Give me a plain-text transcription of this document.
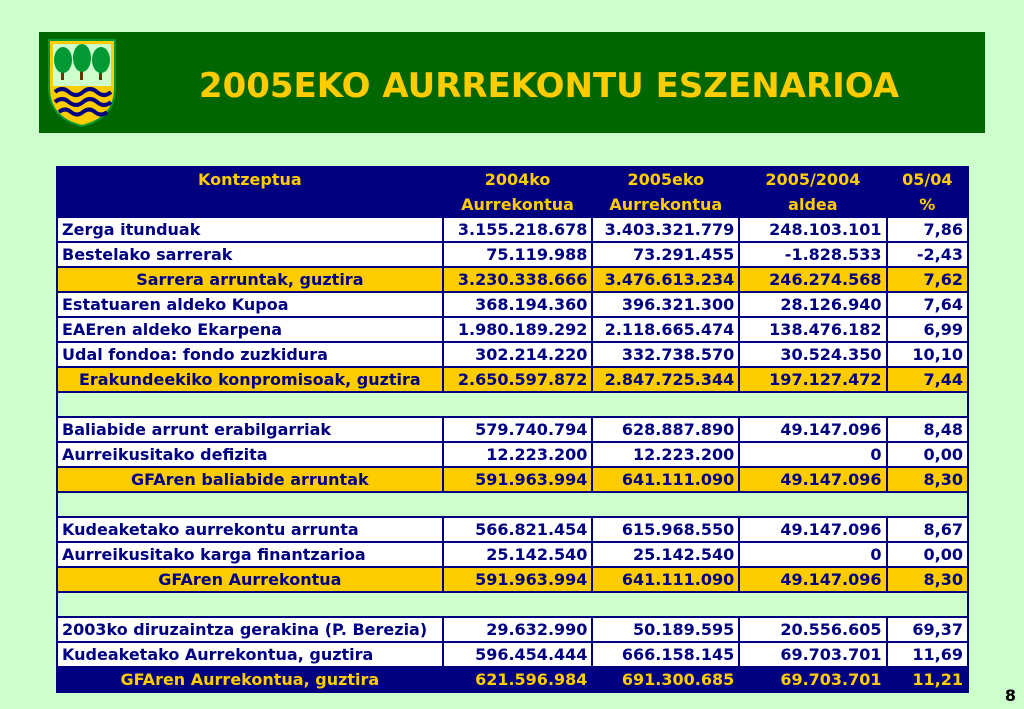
2005EKO AURREKONTU ESZENARIOA
Kontzeptua	2004ko	2005eko	2005/2004	05/04
	Aurrekontua	Aurrekontua	aldea	%
Zerga itunduak	3.155.218.678	3.403.321.779	248.103.101	7,86
Bestelako sarrerak	75.119.988	73.291.455	-1.828.533	-2,43
Sarrera arruntak, guztira	3.230.338.666	3.476.613.234	246.274.568	7,62
Estatuaren aldeko Kupoa	368.194.360	396.321.300	28.126.940	7,64
EAEren aldeko Ekarpena	1.980.189.292	2.118.665.474	138.476.182	6,99
Udal fondoa: fondo zuzkidura	302.214.220	332.738.570	30.524.350	10,10
Erakundeekiko konpromisoak, guztira	2.650.597.872	2.847.725.344	197.127.472	7,44

Baliabide arrunt erabilgarriak	579.740.794	628.887.890	49.147.096	8,48
Aurreikusitako defizita	12.223.200	12.223.200	0	0,00
GFAren baliabide arruntak	591.963.994	641.111.090	49.147.096	8,30

Kudeaketako aurrekontu arrunta	566.821.454	615.968.550	49.147.096	8,67
Aurreikusitako karga finantzarioa	25.142.540	25.142.540	0	0,00
GFAren Aurrekontua	591.963.994	641.111.090	49.147.096	8,30

2003ko diruzaintza gerakina (P. Berezia)	29.632.990	50.189.595	20.556.605	69,37
Kudeaketako Aurrekontua, guztira	596.454.444	666.158.145	69.703.701	11,69
GFAren Aurrekontua, guztira	621.596.984	691.300.685	69.703.701	11,21
8
